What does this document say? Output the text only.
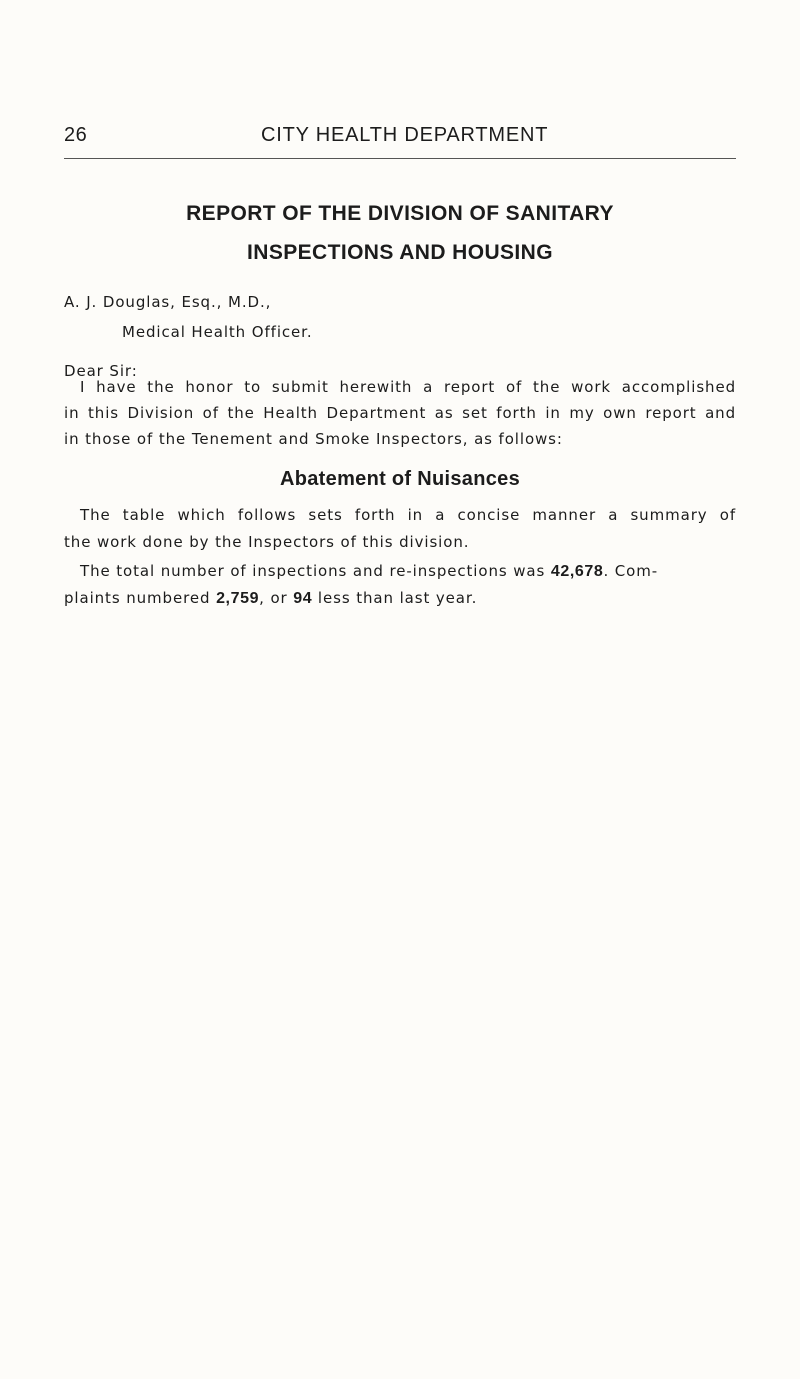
26	CITY HEALTH DEPARTMENT
REPORT OF THE DIVISION OF SANITARY
INSPECTIONS AND HOUSING
A. J. Douglas, Esq., M.D.,
Medical Health Officer.
Dear Sir:
I have the honor to submit herewith a report of the work accomplished
in this Division of the Health Department as set forth in my own report and
in those of the Tenement and Smoke Inspectors, as follows:
Abatement of Nuisances
The table which follows sets forth in a concise manner a summary of
the work done by the Inspectors of this division.
The total number of inspections and re-inspections was 42,678. Com-
plaints numbered 2,759, or 94 less than last year.
